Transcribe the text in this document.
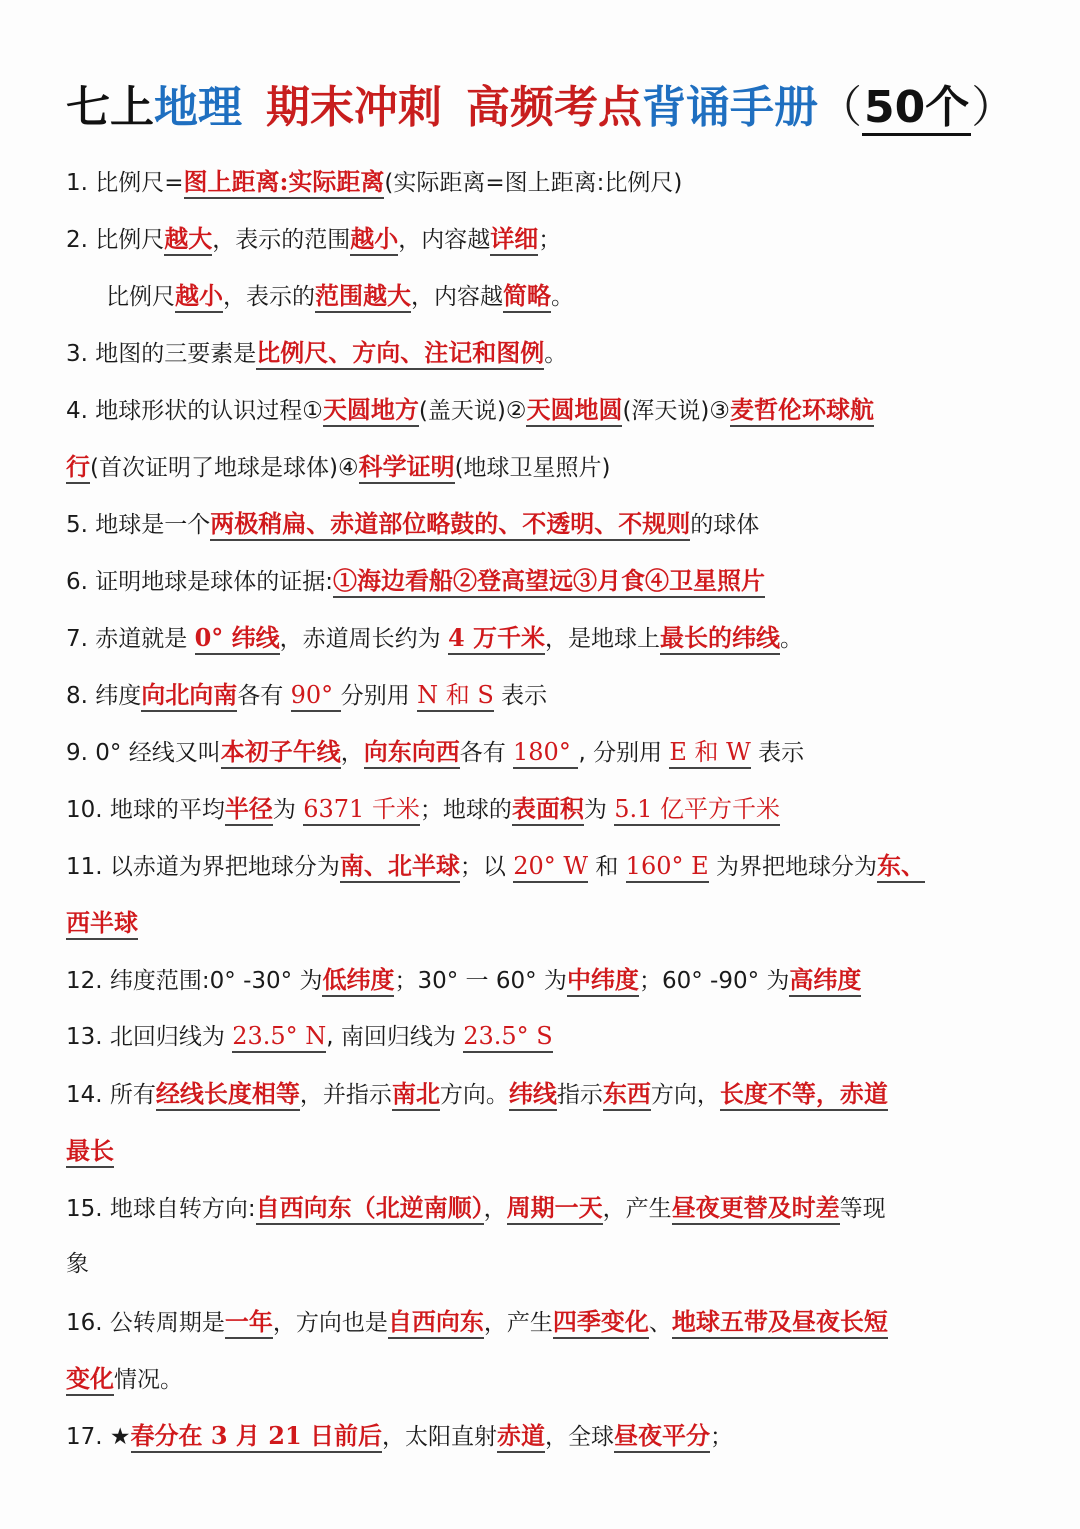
七上地理 期末冲刺 高频考点背诵手册（50个）
1. 比例尺=图上距离:实际距离(实际距离=图上距离:比例尺)
2. 比例尺越大，表示的范围越小，内容越详细；
比例尺越小，表示的范围越大，内容越简略。
3. 地图的三要素是比例尺、方向、注记和图例。
4. 地球形状的认识过程①天圆地方(盖天说)②天圆地圆(浑天说)③麦哲伦环球航
行(首次证明了地球是球体)④科学证明(地球卫星照片)
5. 地球是一个两极稍扁、赤道部位略鼓的、不透明、不规则的球体
6. 证明地球是球体的证据:①海边看船②登高望远③月食④卫星照片
7. 赤道就是 0° 纬线，赤道周长约为 4 万千米，是地球上最长的纬线。
8. 纬度向北向南各有 90° 分别用 N 和 S 表示
9. 0° 经线又叫本初子午线，向东向西各有 180° , 分别用 E 和 W 表示
10. 地球的平均半径为 6371 千米；地球的表面积为 5.1 亿平方千米
11. 以赤道为界把地球分为南、北半球；以 20° W 和 160° E 为界把地球分为东、
西半球
12. 纬度范围:0° -30° 为低纬度；30° 一 60° 为中纬度；60° -90° 为高纬度
13. 北回归线为 23.5° N, 南回归线为 23.5° S
14. 所有经线长度相等，并指示南北方向。纬线指示东西方向，长度不等，赤道
最长
15. 地球自转方向:自西向东（北逆南顺），周期一天，产生昼夜更替及时差等现
象
16. 公转周期是一年，方向也是自西向东，产生四季变化、地球五带及昼夜长短
变化情况。
17. ★春分在 3 月 21 日前后，太阳直射赤道，全球昼夜平分；
